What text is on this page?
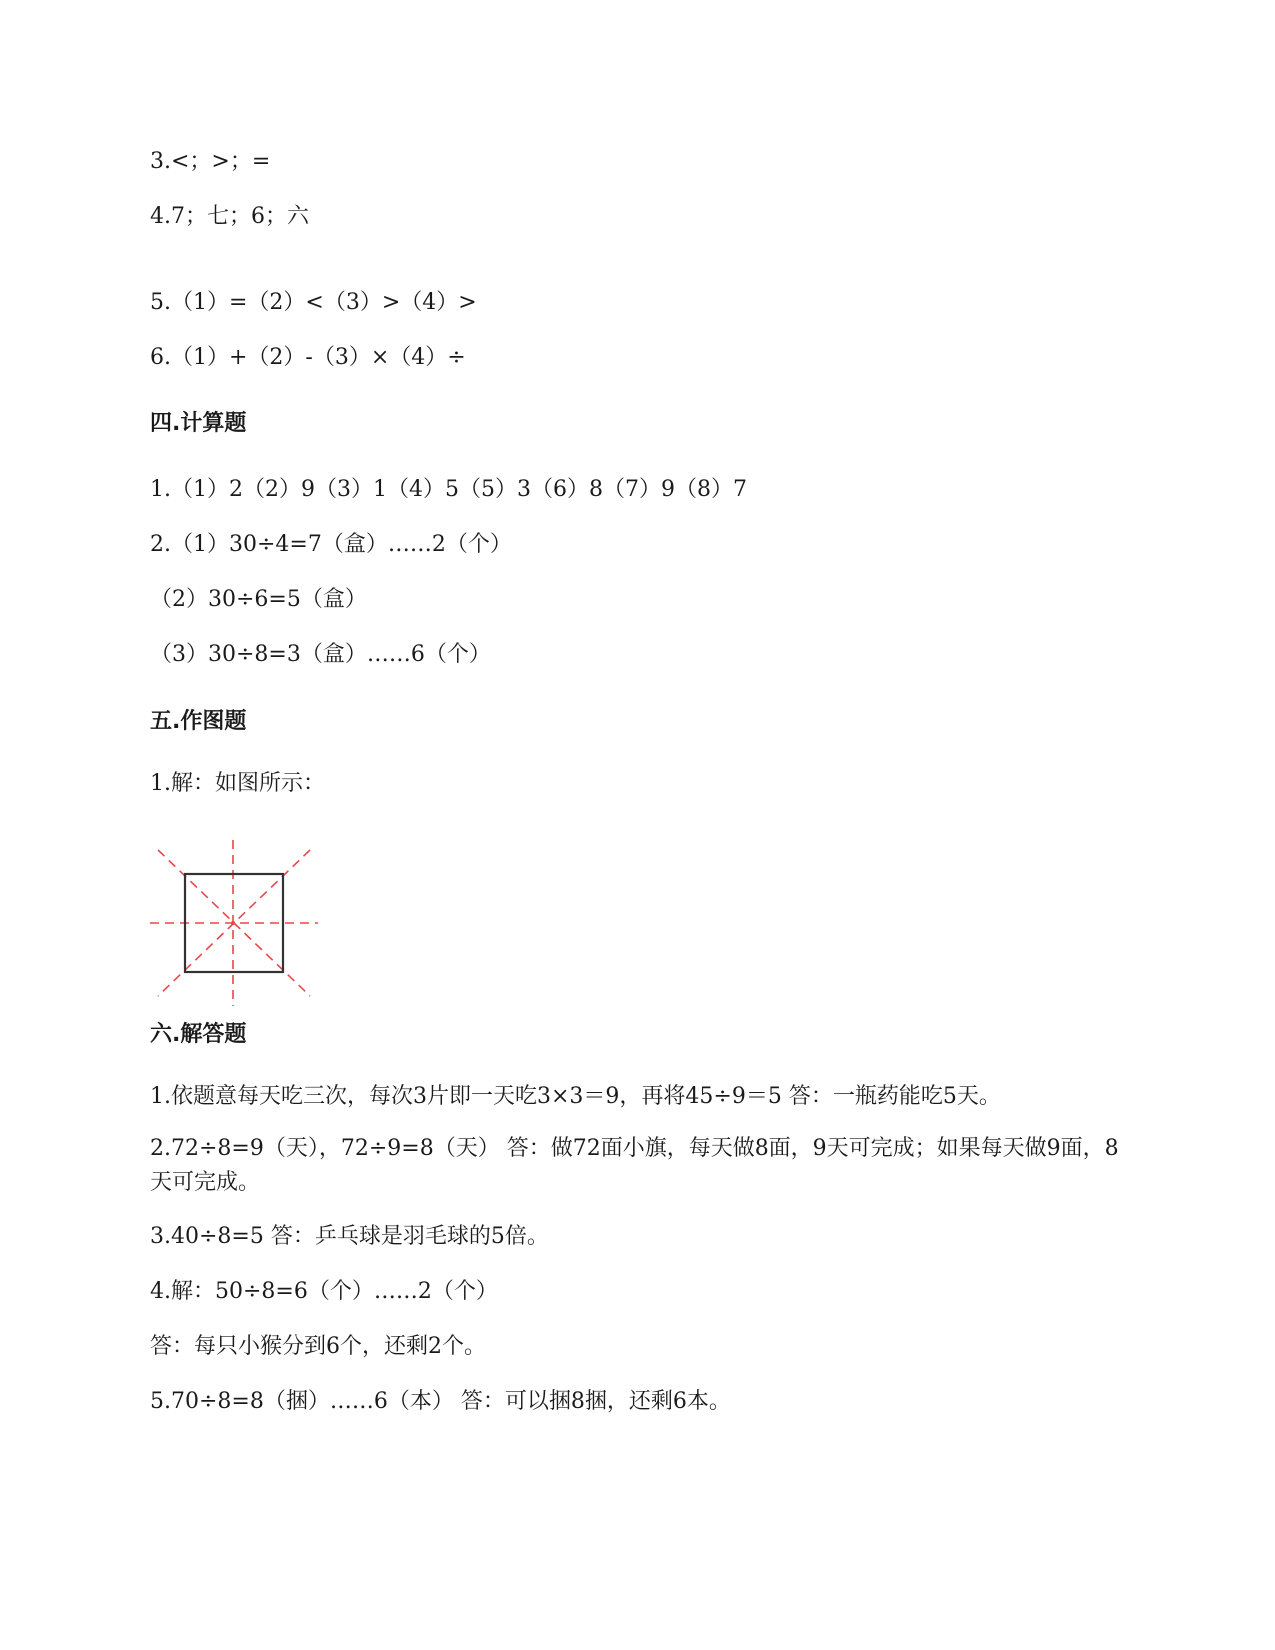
3.<；>；=
4.7；七；6；六
5.（1）=（2）<（3）>（4）>
6.（1）+（2）-（3）×（4）÷
四.计算题
1.（1）2（2）9（3）1（4）5（5）3（6）8（7）9（8）7
2.（1）30÷4=7（盒）……2（个）
（2）30÷6=5（盒）
（3）30÷8=3（盒）……6（个）
五.作图题
1.解：如图所示：
六.解答题
1.依题意每天吃三次，每次3片即一天吃3×3＝9，再将45÷9＝5 答：一瓶药能吃5天。
2.72÷8=9（天），72÷9=8（天） 答：做72面小旗，每天做8面，9天可完成；如果每天做9面，8天可完成。
3.40÷8=5 答：乒乓球是羽毛球的5倍。
4.解：50÷8=6（个）……2（个）
答：每只小猴分到6个，还剩2个。
5.70÷8=8（捆）……6（本） 答：可以捆8捆，还剩6本。
